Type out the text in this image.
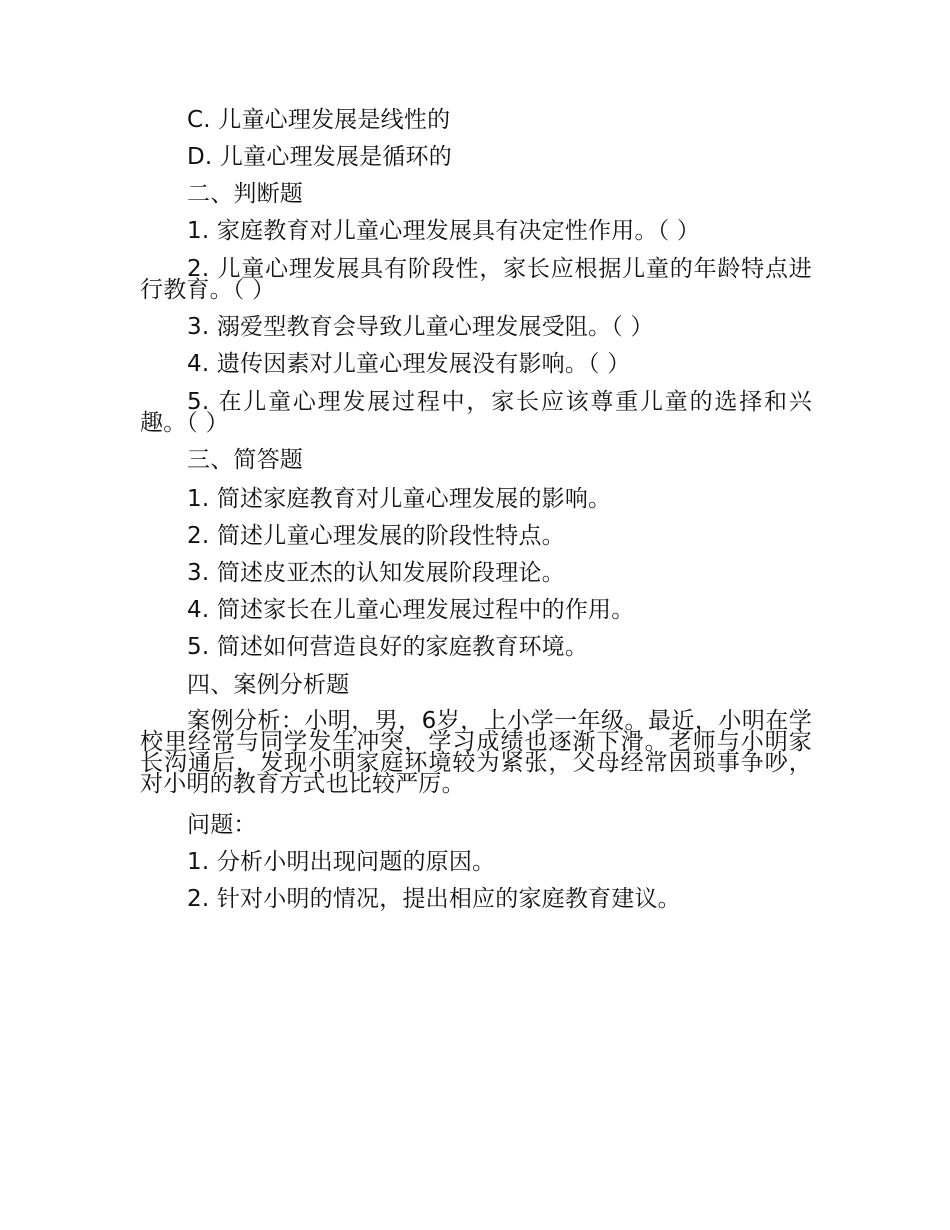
C. 儿童心理发展是线性的
D. 儿童心理发展是循环的
二、判断题
1. 家庭教育对儿童心理发展具有决定性作用。（ ）
2. 儿童心理发展具有阶段性，家长应根据儿童的年龄特点进行教育。（ ）
3. 溺爱型教育会导致儿童心理发展受阻。（ ）
4. 遗传因素对儿童心理发展没有影响。（ ）
5. 在儿童心理发展过程中，家长应该尊重儿童的选择和兴趣。（ ）
三、简答题
1. 简述家庭教育对儿童心理发展的影响。
2. 简述儿童心理发展的阶段性特点。
3. 简述皮亚杰的认知发展阶段理论。
4. 简述家长在儿童心理发展过程中的作用。
5. 简述如何营造良好的家庭教育环境。
四、案例分析题
案例分析：小明，男，6岁，上小学一年级。最近，小明在学校里经常与同学发生冲突，学习成绩也逐渐下滑。老师与小明家长沟通后，发现小明家庭环境较为紧张，父母经常因琐事争吵，对小明的教育方式也比较严厉。
问题：
1. 分析小明出现问题的原因。
2. 针对小明的情况，提出相应的家庭教育建议。
